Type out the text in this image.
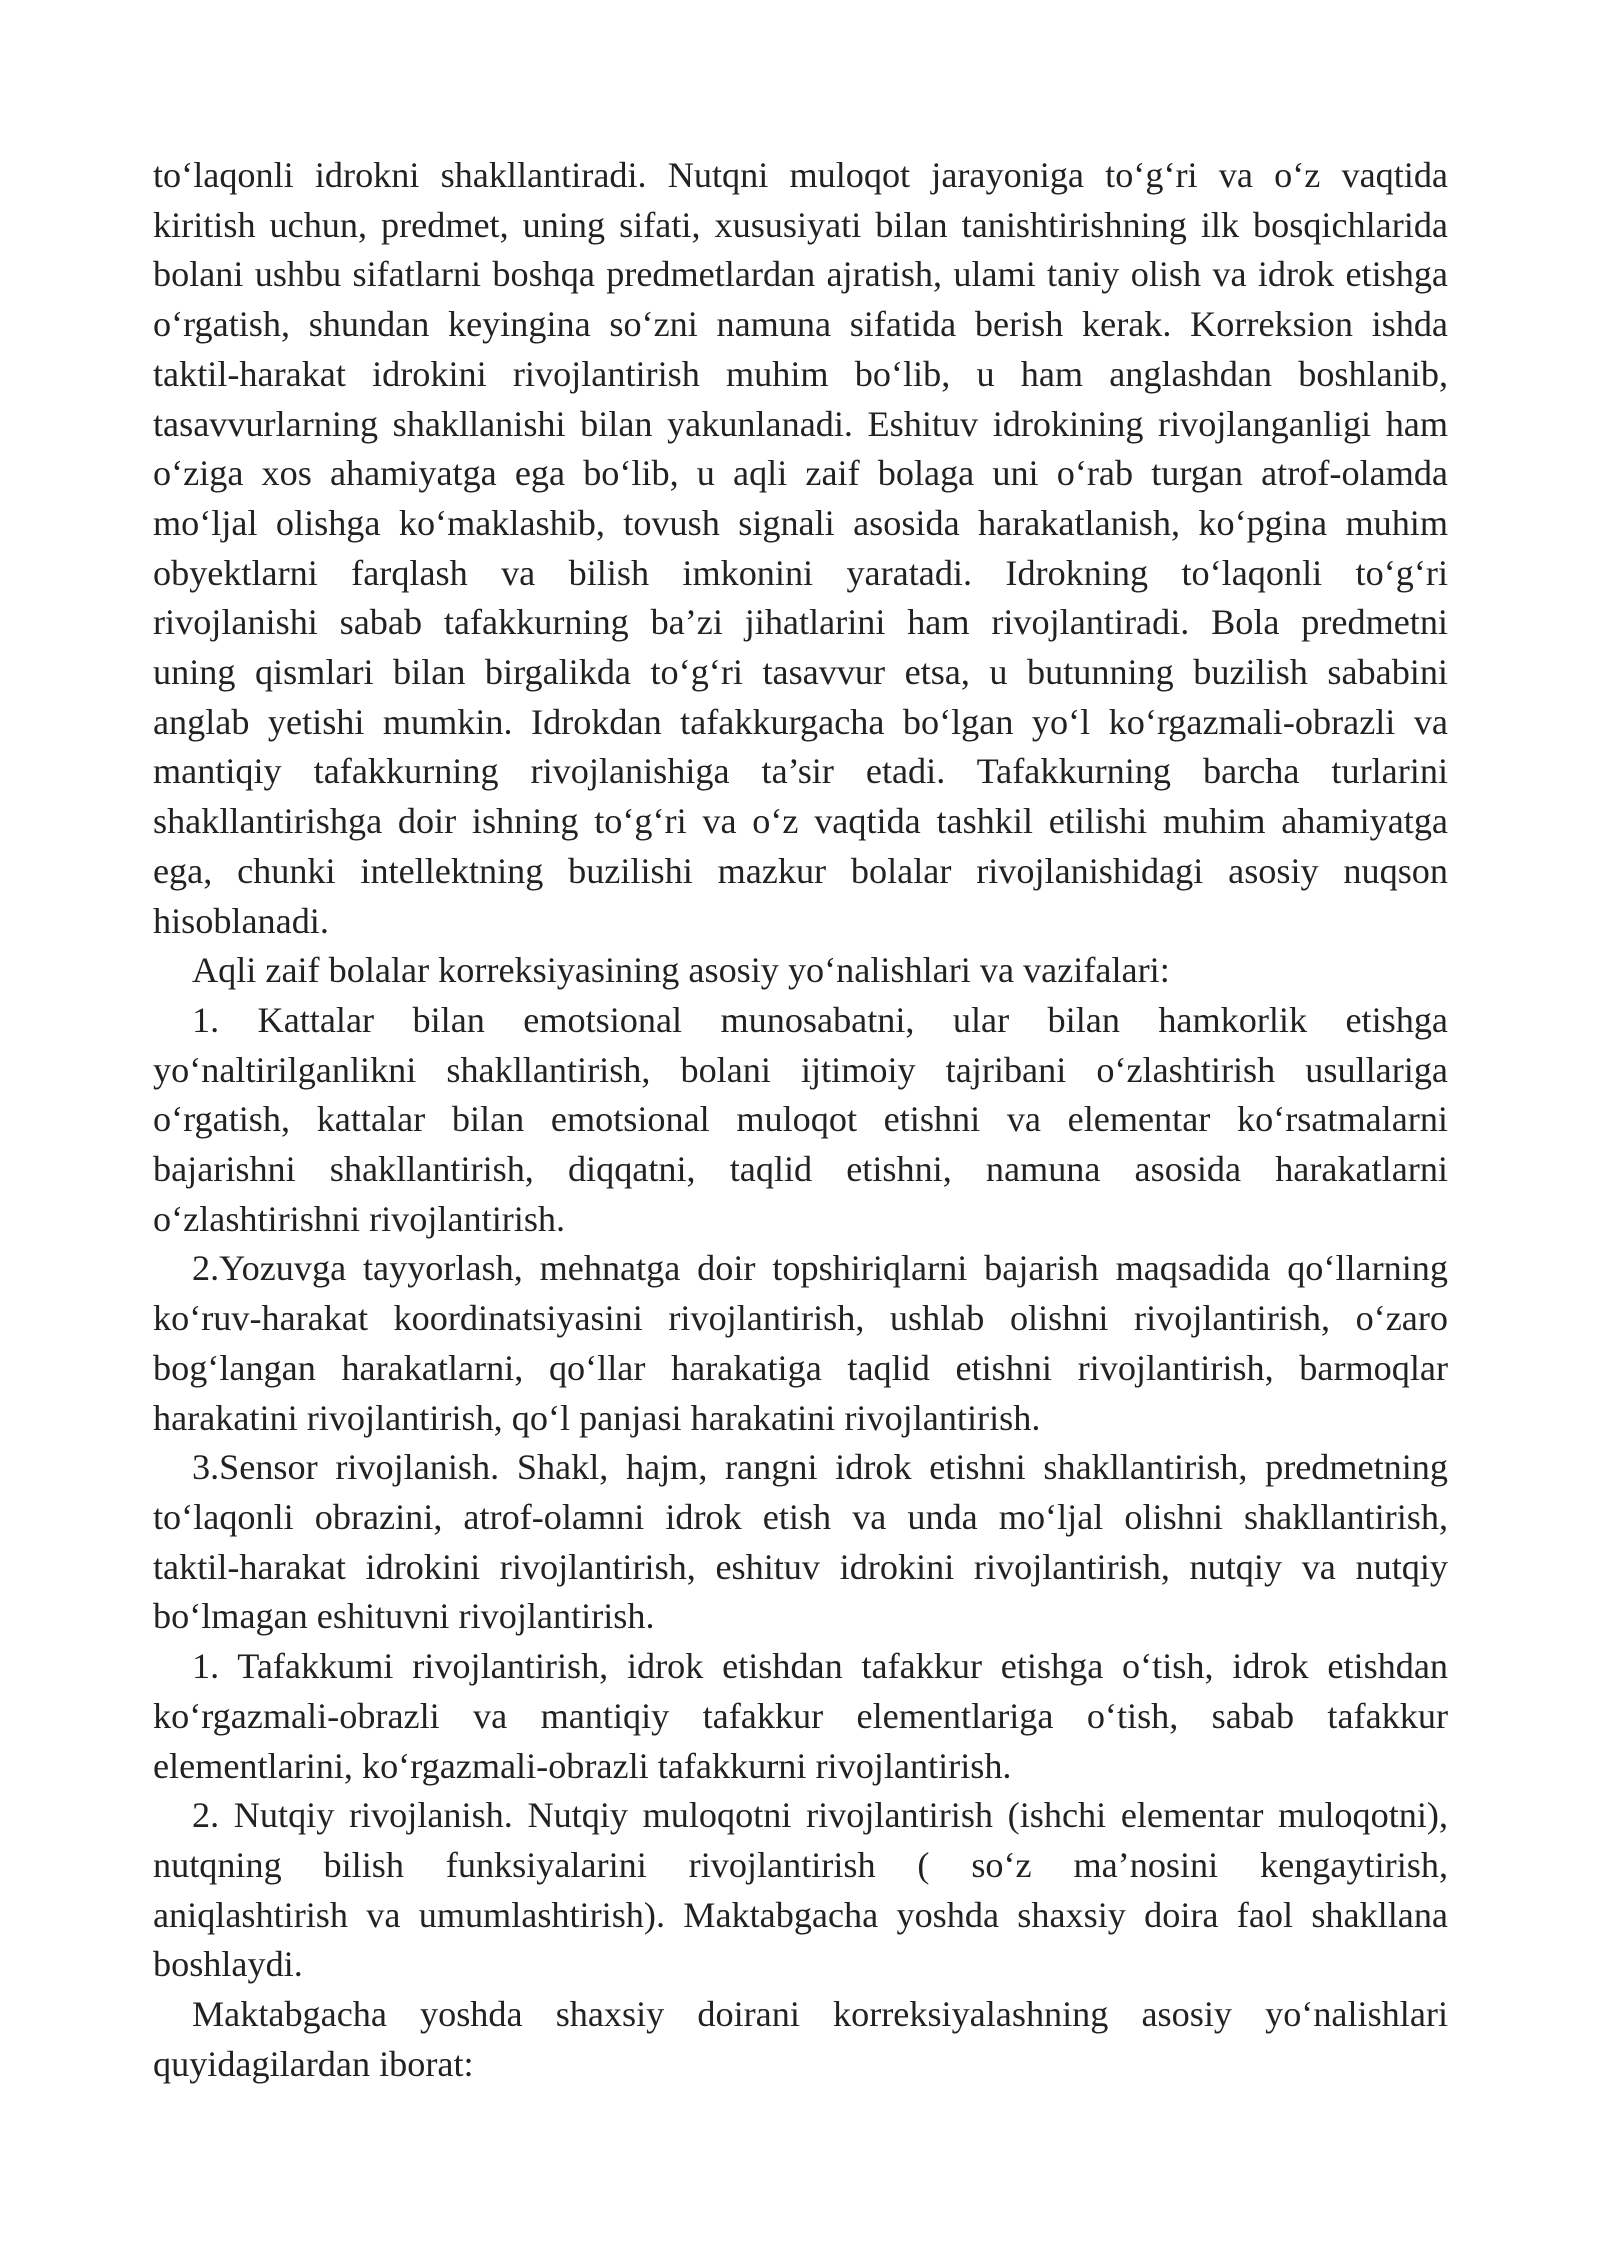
to‘laqonli idrokni shakllantiradi. Nutqni muloqot jarayoniga to‘g‘ri va o‘z vaqtida
kiritish uchun, predmet, uning sifati, xususiyati bilan tanishtirishning ilk bosqichlarida
bolani ushbu sifatlarni boshqa predmetlardan ajratish, ulami taniy olish va idrok etishga
o‘rgatish, shundan keyingina so‘zni namuna sifatida berish kerak. Korreksion ishda
taktil-harakat idrokini rivojlantirish muhim bo‘lib, u ham anglashdan boshlanib,
tasavvurlarning shakllanishi bilan yakunlanadi. Eshituv idrokining rivojlanganligi ham
o‘ziga xos ahamiyatga ega bo‘lib, u aqli zaif bolaga uni o‘rab turgan atrof-olamda
mo‘ljal olishga ko‘maklashib, tovush signali asosida harakatlanish, ko‘pgina muhim
obyektlarni farqlash va bilish imkonini yaratadi. Idrokning to‘laqonli to‘g‘ri
rivojlanishi sabab tafakkurning ba’zi jihatlarini ham rivojlantiradi. Bola predmetni
uning qismlari bilan birgalikda to‘g‘ri tasavvur etsa, u butunning buzilish sababini
anglab yetishi mumkin. Idrokdan tafakkurgacha bo‘lgan yo‘l ko‘rgazmali-obrazli va
mantiqiy tafakkurning rivojlanishiga ta’sir etadi. Tafakkurning barcha turlarini
shakllantirishga doir ishning to‘g‘ri va o‘z vaqtida tashkil etilishi muhim ahamiyatga
ega, chunki intellektning buzilishi mazkur bolalar rivojlanishidagi asosiy nuqson
hisoblanadi.
Aqli zaif bolalar korreksiyasining asosiy yo‘nalishlari va vazifalari:
1. Kattalar bilan emotsional munosabatni, ular bilan hamkorlik etishga
yo‘naltirilganlikni shakllantirish, bolani ijtimoiy tajribani o‘zlashtirish usullariga
o‘rgatish, kattalar bilan emotsional muloqot etishni va elementar ko‘rsatmalarni
bajarishni shakllantirish, diqqatni, taqlid etishni, namuna asosida harakatlarni
o‘zlashtirishni rivojlantirish.
2.Yozuvga tayyorlash, mehnatga doir topshiriqlarni bajarish maqsadida qo‘llarning
ko‘ruv-harakat koordinatsiyasini rivojlantirish, ushlab olishni rivojlantirish, o‘zaro
bog‘langan harakatlarni, qo‘llar harakatiga taqlid etishni rivojlantirish, barmoqlar
harakatini rivojlantirish, qo‘l panjasi harakatini rivojlantirish.
3.Sensor rivojlanish. Shakl, hajm, rangni idrok etishni shakllantirish, predmetning
to‘laqonli obrazini, atrof-olamni idrok etish va unda mo‘ljal olishni shakllantirish,
taktil-harakat idrokini rivojlantirish, eshituv idrokini rivojlantirish, nutqiy va nutqiy
bo‘lmagan eshituvni rivojlantirish.
1. Tafakkumi rivojlantirish, idrok etishdan tafakkur etishga o‘tish, idrok etishdan
ko‘rgazmali-obrazli va mantiqiy tafakkur elementlariga o‘tish, sabab tafakkur
elementlarini, ko‘rgazmali-obrazli tafakkurni rivojlantirish.
2. Nutqiy rivojlanish. Nutqiy muloqotni rivojlantirish (ishchi elementar muloqotni),
nutqning bilish funksiyalarini rivojlantirish ( so‘z ma’nosini kengaytirish,
aniqlashtirish va umumlashtirish). Maktabgacha yoshda shaxsiy doira faol shakllana
boshlaydi.
Maktabgacha yoshda shaxsiy doirani korreksiyalashning asosiy yo‘nalishlari
quyidagilardan iborat:
